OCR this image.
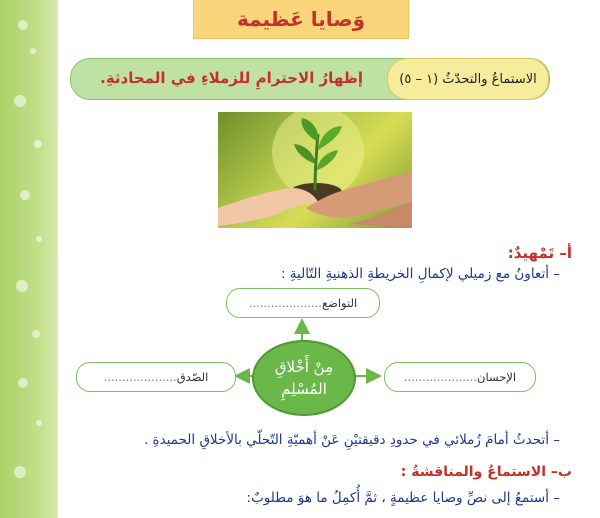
وَصايا عَظيمة
الاستماعُ والتحدّثُ (١ – ٥)
إظهارُ الاحترامِ للزملاءِ في المحادثةِ.
أ– تَمْهيدٌ:
– أتعاونُ مع زميلي لإكمالِ الخريطةِ الذهنيةِ التّاليةِ :
التواضع
....................
مِنْ أَخْلاقِ
المُسْلِمِ
الإحسان
....................
الصّدق
....................
– أتحدثُ أمامَ زُملائي في حدودِ دقيقتيْنِ عَنْ أهميّةِ التّحلّي بالأخلاقِ الحميدةِ .
ب– الاستماعُ والمناقشةُ :
– أستمعُ إلى نصِّ وصايا عظيمةٍ ، ثمَّ أُكمِلُ ما هوَ مطلوبٌ:
